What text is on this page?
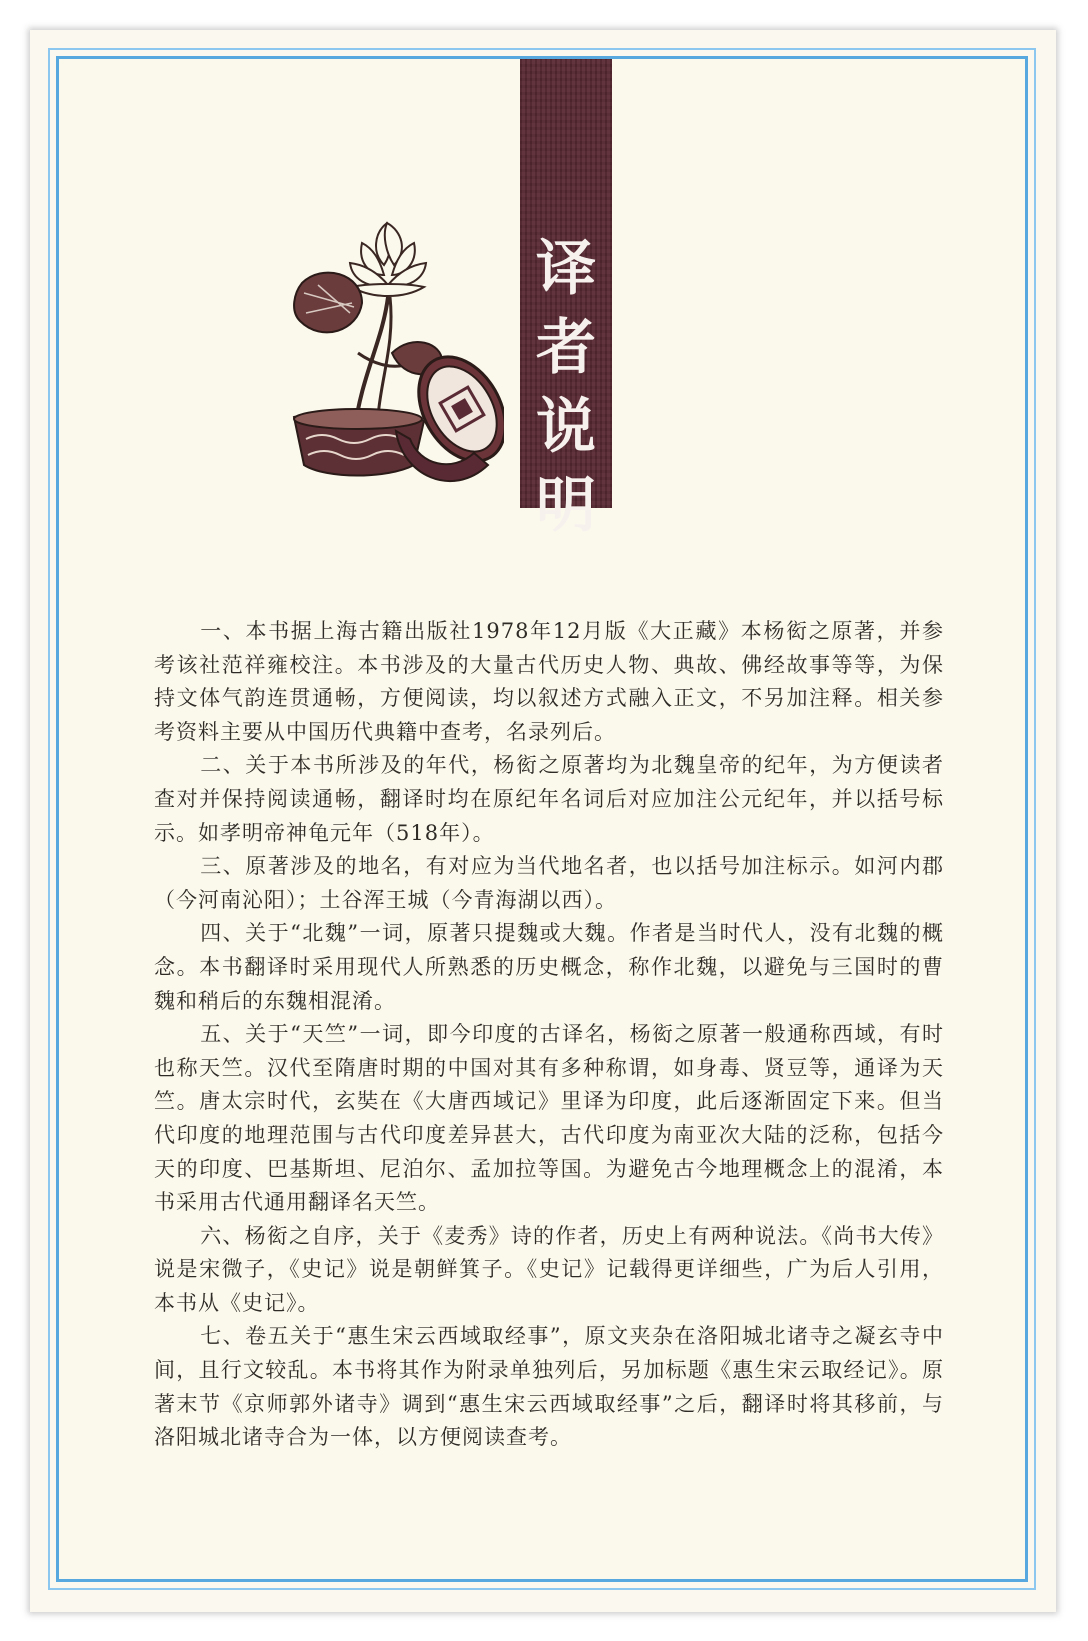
译
者
说
明

一、本书据上海古籍出版社1978年12月版《大正藏》本杨衒之原著，并参考该社范祥雍校注。本书涉及的大量古代历史人物、典故、佛经故事等等，为保持文体气韵连贯通畅，方便阅读，均以叙述方式融入正文，不另加注释。相关参考资料主要从中国历代典籍中查考，名录列后。

二、关于本书所涉及的年代，杨衒之原著均为北魏皇帝的纪年，为方便读者查对并保持阅读通畅，翻译时均在原纪年名词后对应加注公元纪年，并以括号标示。如孝明帝神龟元年（518年）。

三、原著涉及的地名，有对应为当代地名者，也以括号加注标示。如河内郡（今河南沁阳）；土谷浑王城（今青海湖以西）。

四、关于“北魏”一词，原著只提魏或大魏。作者是当时代人，没有北魏的概念。本书翻译时采用现代人所熟悉的历史概念，称作北魏，以避免与三国时的曹魏和稍后的东魏相混淆。

五、关于“天竺”一词，即今印度的古译名，杨衒之原著一般通称西域，有时也称天竺。汉代至隋唐时期的中国对其有多种称谓，如身毒、贤豆等，通译为天竺。唐太宗时代，玄奘在《大唐西域记》里译为印度，此后逐渐固定下来。但当代印度的地理范围与古代印度差异甚大，古代印度为南亚次大陆的泛称，包括今天的印度、巴基斯坦、尼泊尔、孟加拉等国。为避免古今地理概念上的混淆，本书采用古代通用翻译名天竺。

六、杨衒之自序，关于《麦秀》诗的作者，历史上有两种说法。《尚书大传》说是宋微子，《史记》说是朝鲜箕子。《史记》记载得更详细些，广为后人引用，本书从《史记》。

七、卷五关于“惠生宋云西域取经事”，原文夹杂在洛阳城北诸寺之凝玄寺中间，且行文较乱。本书将其作为附录单独列后，另加标题《惠生宋云取经记》。原著末节《京师郭外诸寺》调到“惠生宋云西域取经事”之后，翻译时将其移前，与洛阳城北诸寺合为一体，以方便阅读查考。
